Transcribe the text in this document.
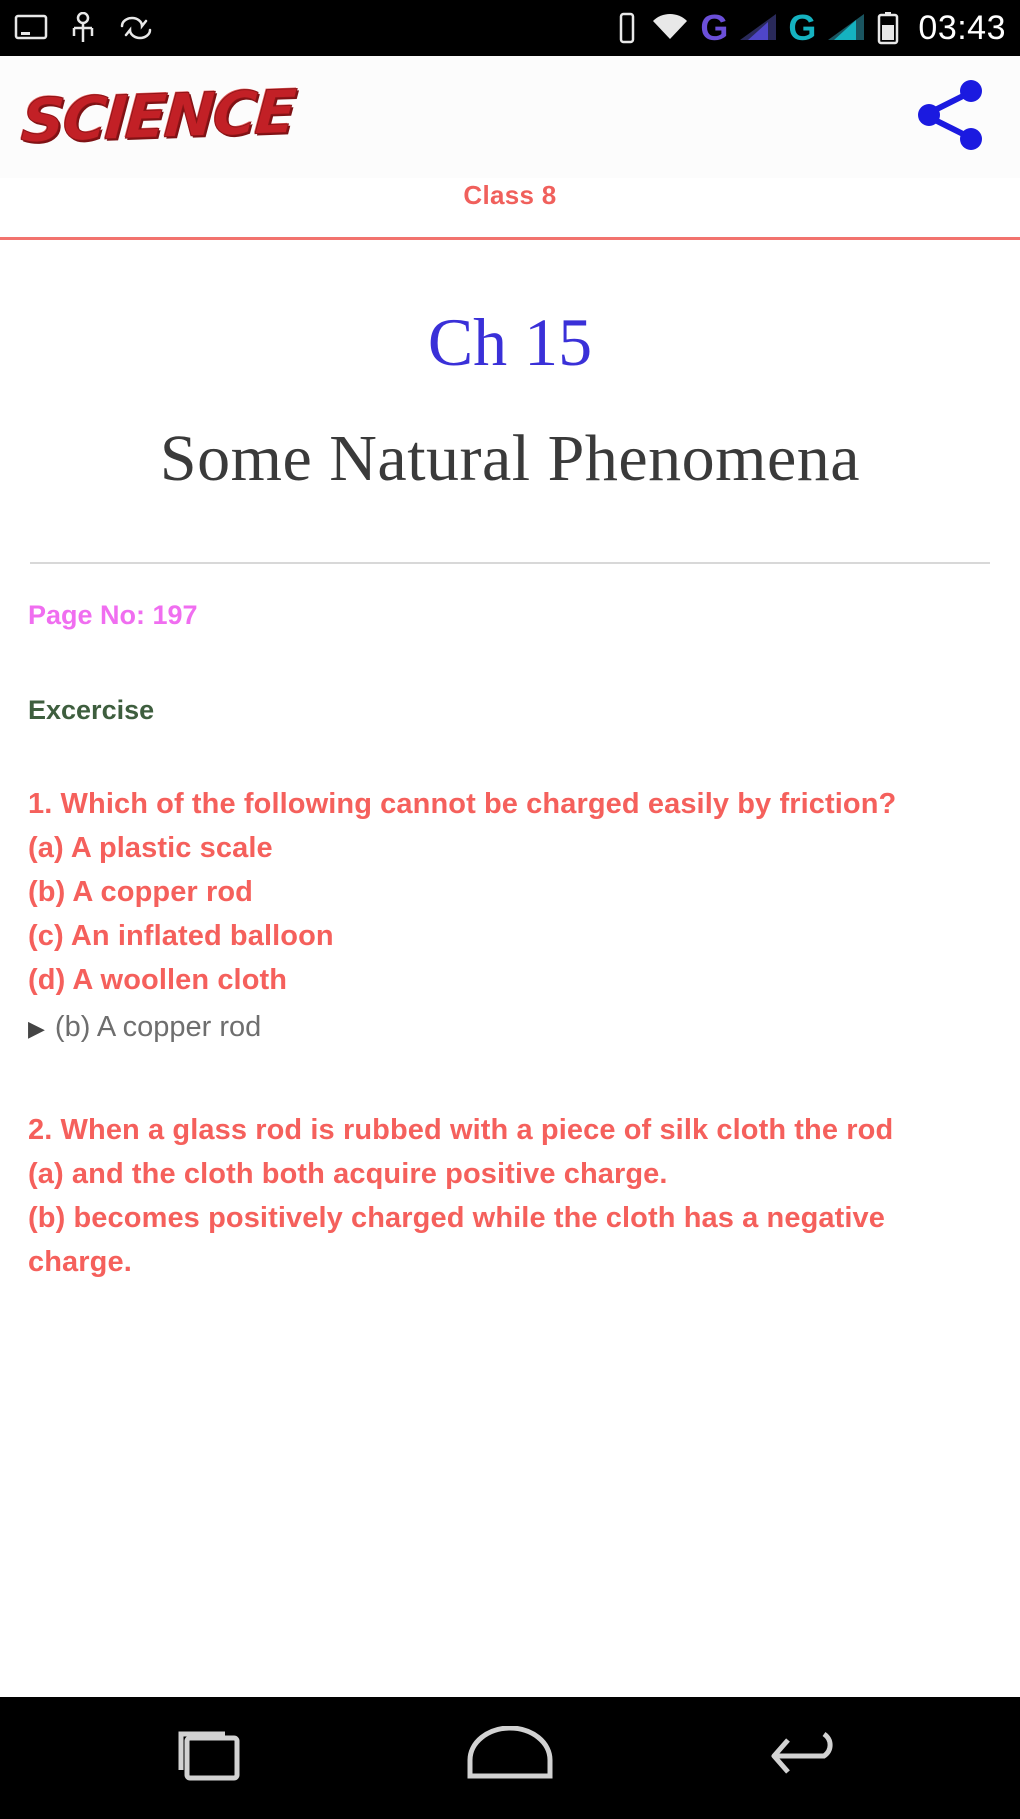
G G	03:43
SCIENCE
Class 8
Ch 15
Some Natural Phenomena
Page No: 197
Excercise
1. Which of the following cannot be charged easily by friction?
(a) A plastic scale
(b) A copper rod
(c) An inflated balloon
(d) A woollen cloth
▶ (b) A copper rod
2. When a glass rod is rubbed with a piece of silk cloth the rod
(a) and the cloth both acquire positive charge.
(b) becomes positively charged while the cloth has a negative charge.
